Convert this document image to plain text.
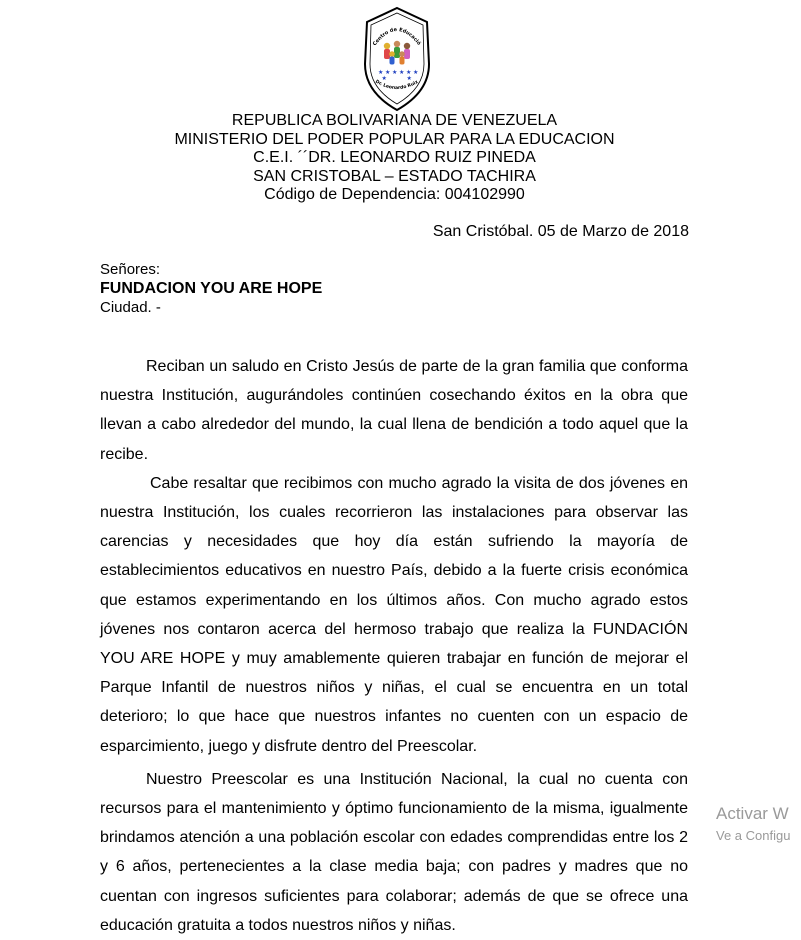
Centro de Educació
★ ★ ★ ★ ★ ★
★	★
Dr. Leonardo Ruiz
REPUBLICA BOLIVARIANA DE VENEZUELA
MINISTERIO DEL PODER POPULAR PARA LA EDUCACION
C.E.I. ´´DR. LEONARDO RUIZ PINEDA
SAN CRISTOBAL – ESTADO TACHIRA
Código de Dependencia: 004102990
San Cristóbal. 05 de Marzo de 2018
Señores:
FUNDACION YOU ARE HOPE
Ciudad. -

Reciban un saludo en Cristo Jesús de parte de la gran familia que conforma nuestra Institución, augurándoles continúen cosechando éxitos en la obra que llevan a cabo alrededor del mundo, la cual llena de bendición a todo aquel que la recibe.

Cabe resaltar que recibimos con mucho agrado la visita de dos jóvenes en nuestra Institución, los cuales recorrieron las instalaciones para observar las carencias y necesidades que hoy día están sufriendo la mayoría de establecimientos educativos en nuestro País, debido a la fuerte crisis económica que estamos experimentando en los últimos años. Con mucho agrado estos jóvenes nos contaron acerca del hermoso trabajo que realiza la FUNDACIÓN YOU ARE HOPE y muy amablemente quieren trabajar en función de mejorar el Parque Infantil de nuestros niños y niñas, el cual se encuentra en un total deterioro; lo que hace que nuestros infantes no cuenten con un espacio de esparcimiento, juego y disfrute dentro del Preescolar.

Nuestro Preescolar es una Institución Nacional, la cual no cuenta con recursos para el mantenimiento y óptimo funcionamiento de la misma, igualmente brindamos atención a una población escolar con edades comprendidas entre los 2 y 6 años, pertenecientes a la clase media baja; con padres y madres que no cuentan con ingresos suficientes para colaborar; además de que se ofrece una educación gratuita a todos nuestros niños y niñas.

Activar W
Ve a Configu
